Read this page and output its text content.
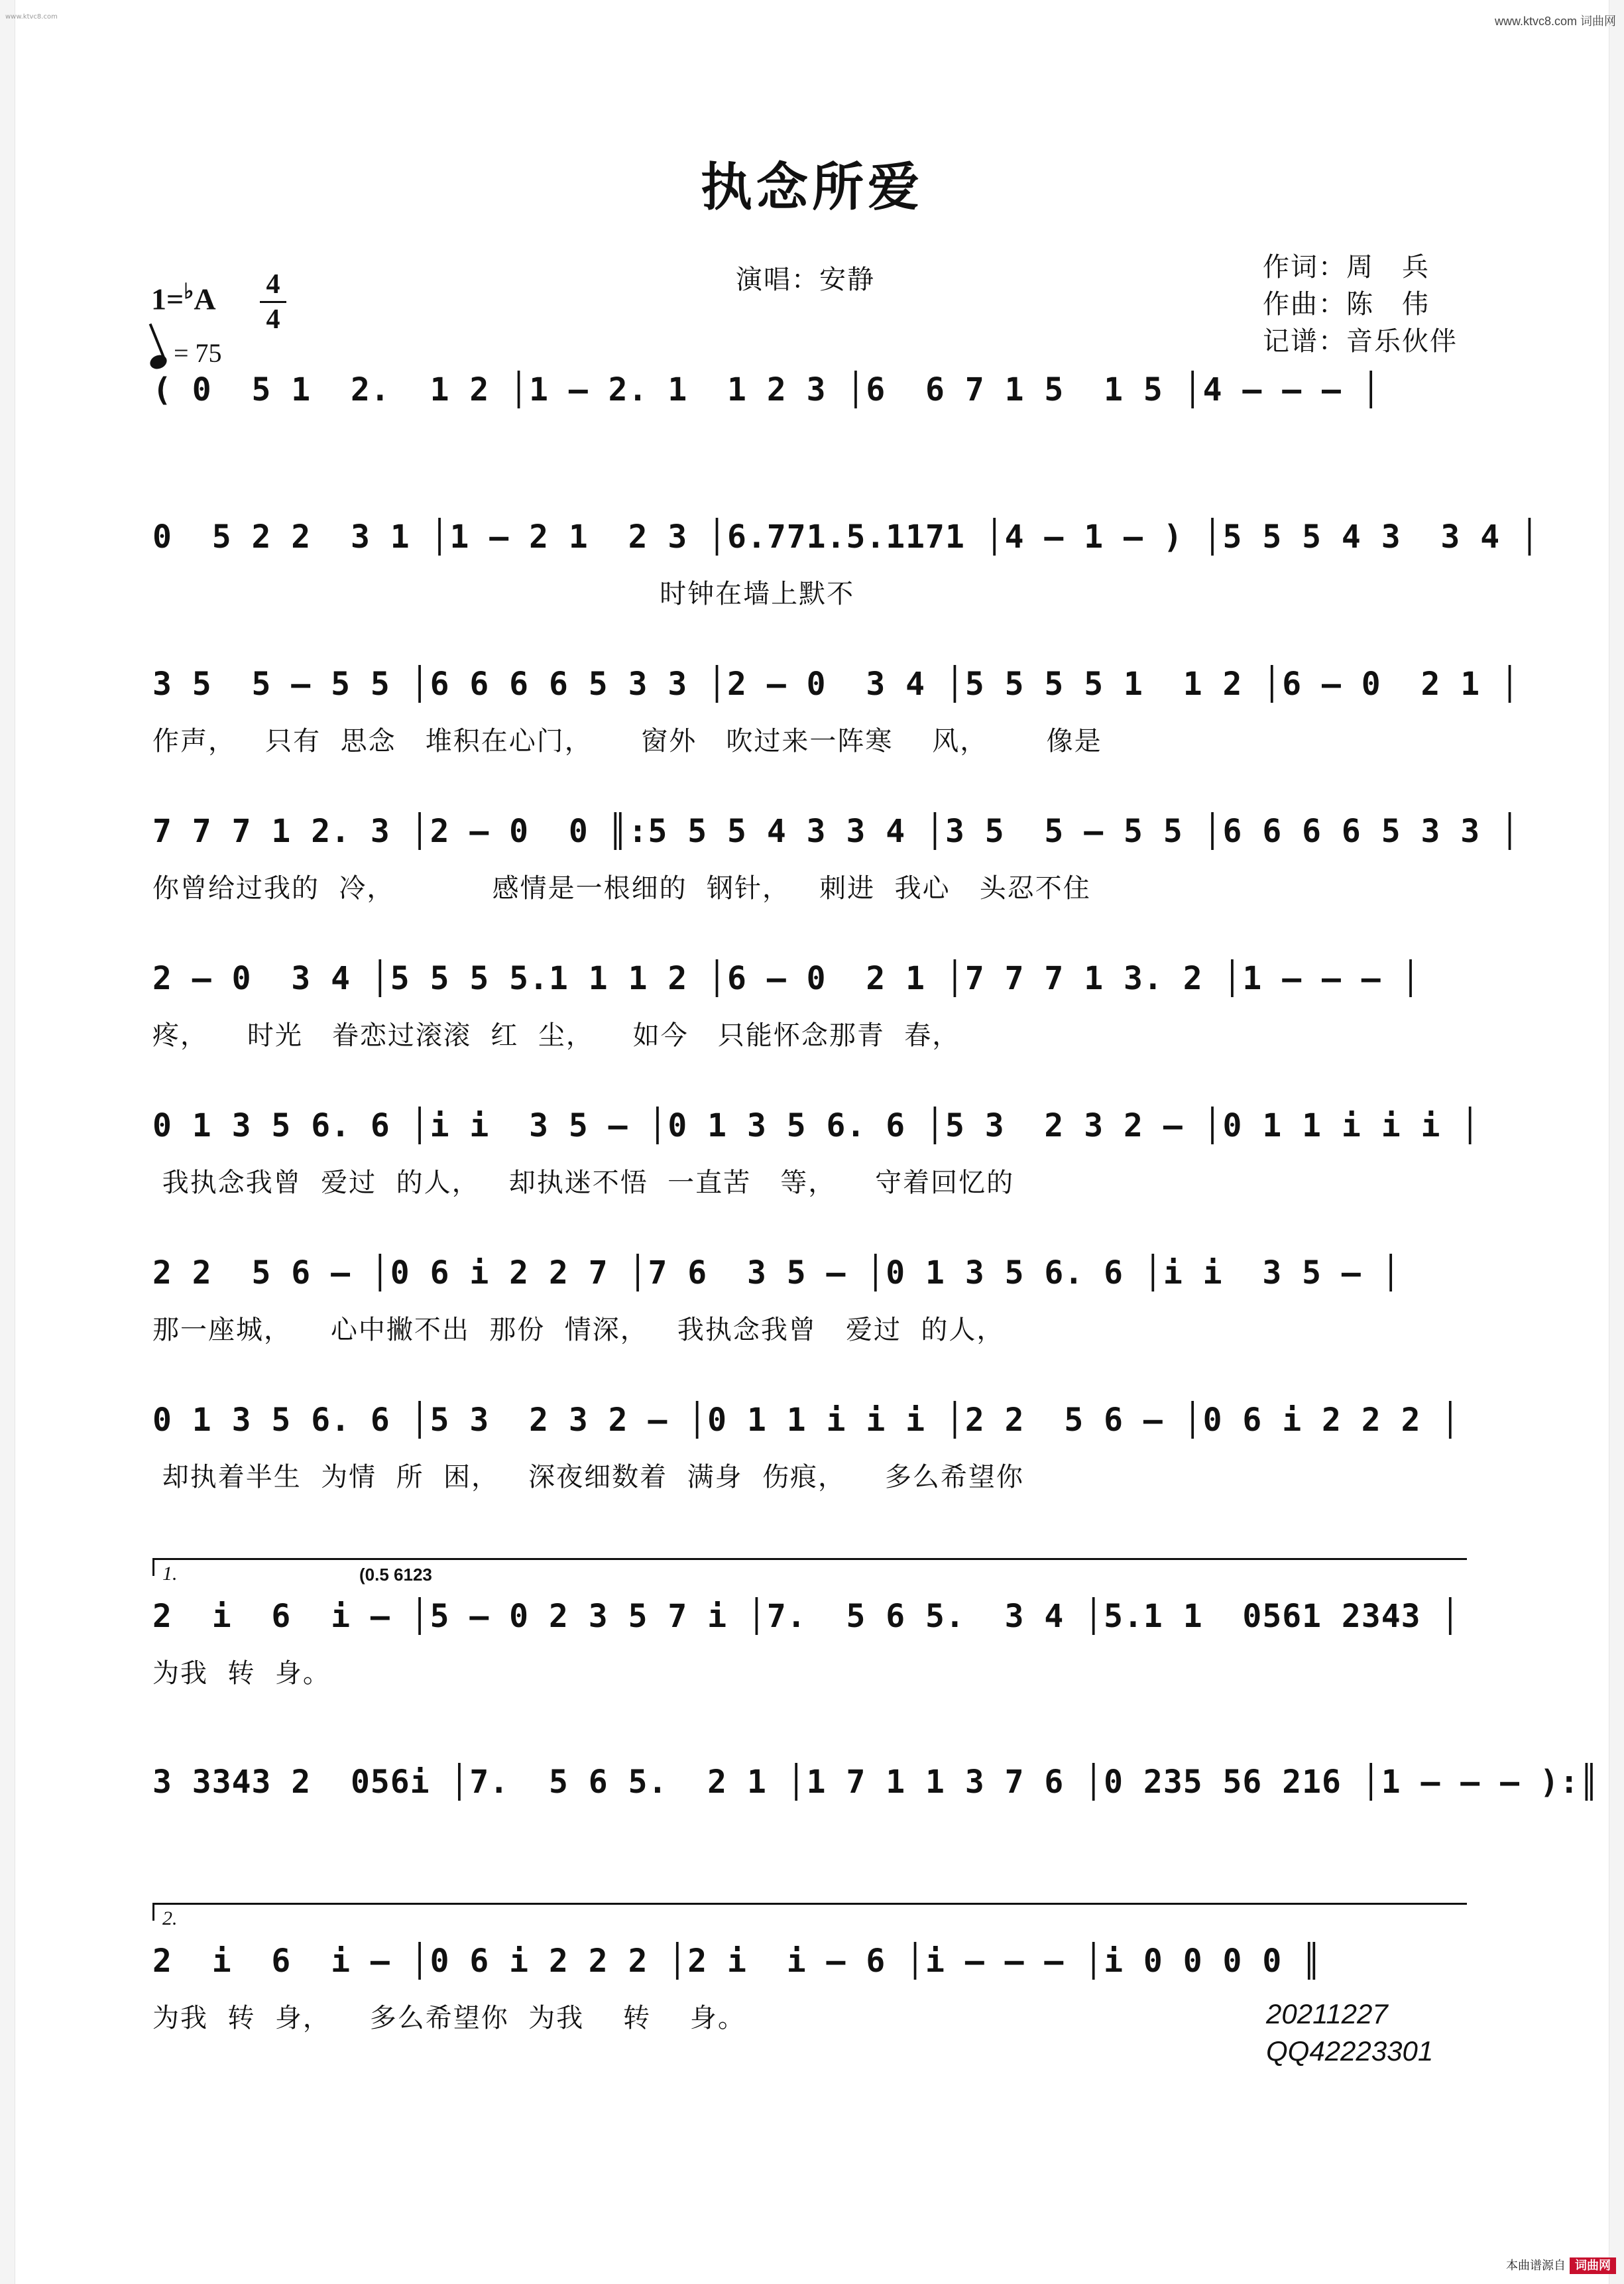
www.ktvc8.com	www.ktvc8.com 词曲网
本曲谱源自 词曲网
执念所爱
1=♭A 4
4
= 75
演唱：安静	作词：周　兵
作曲：陈　伟
记谱：音乐伙伴
( 0  5 1  2.  1 2 │1 – 2. 1  1 2 3 │6  6 7 1 5  1 5 │4 – – – │
0  5 2 2  3 1 │1 – 2 1  2 3 │6.771.5.1171 │4 – 1 – ) │5 5 5 4 3  3 4 │
时钟在墙上默不
3 5  5 – 5 5 │6 6 6 6 5 3 3 │2 – 0  3 4 │5 5 5 5 1  1 2 │6 – 0  2 1 │
作声，   只有  思念   堆积在心门，     窗外   吹过来一阵寒    风，      像是
7 7 7 1 2. 3 │2 – 0  0 ║:5 5 5 4 3 3 4 │3 5  5 – 5 5 │6 6 6 6 5 3 3 │
你曾给过我的  冷，          感情是一根细的  钢针，   刺进  我心   头忍不住
2 – 0  3 4 │5 5 5 5.1 1 1 2 │6 – 0  2 1 │7 7 7 1 3. 2 │1 – – – │
疼，    时光   眷恋过滚滚  红  尘，    如今   只能怀念那青  春，
0 1 3 5 6. 6 │i i  3 5 – │0 1 3 5 6. 6 │5 3  2 3 2 – │0 1 1 i i i │
我执念我曾  爱过  的人，   却执迷不悟  一直苦   等，    守着回忆的
2 2  5 6 – │0 6 i 2 2 7 │7 6  3 5 – │0 1 3 5 6. 6 │i i  3 5 – │
那一座城，    心中撇不出  那份  情深，   我执念我曾   爱过  的人，
0 1 3 5 6. 6 │5 3  2 3 2 – │0 1 1 i i i │2 2  5 6 – │0 6 i 2 2 2 │
却执着半生  为情  所  困，   深夜细数着  满身  伤痕，    多么希望你
1.	(0.5 6123
2  i  6  i – │5 – 0 2 3 5 7 i │7.  5 6 5.  3 4 │5.1 1  0561 2343 │
为我  转  身。
3 3343 2  056i │7.  5 6 5.  2 1 │1 7 1 1 3 7 6 │0 235 56 216 │1 – – – ):║
2.
2  i  6  i – │0 6 i 2 2 2 │2 i  i – 6 │i – – – │i 0 0 0 0 ║
为我  转  身，    多么希望你  为我    转    身。	20211227
QQ42223301
